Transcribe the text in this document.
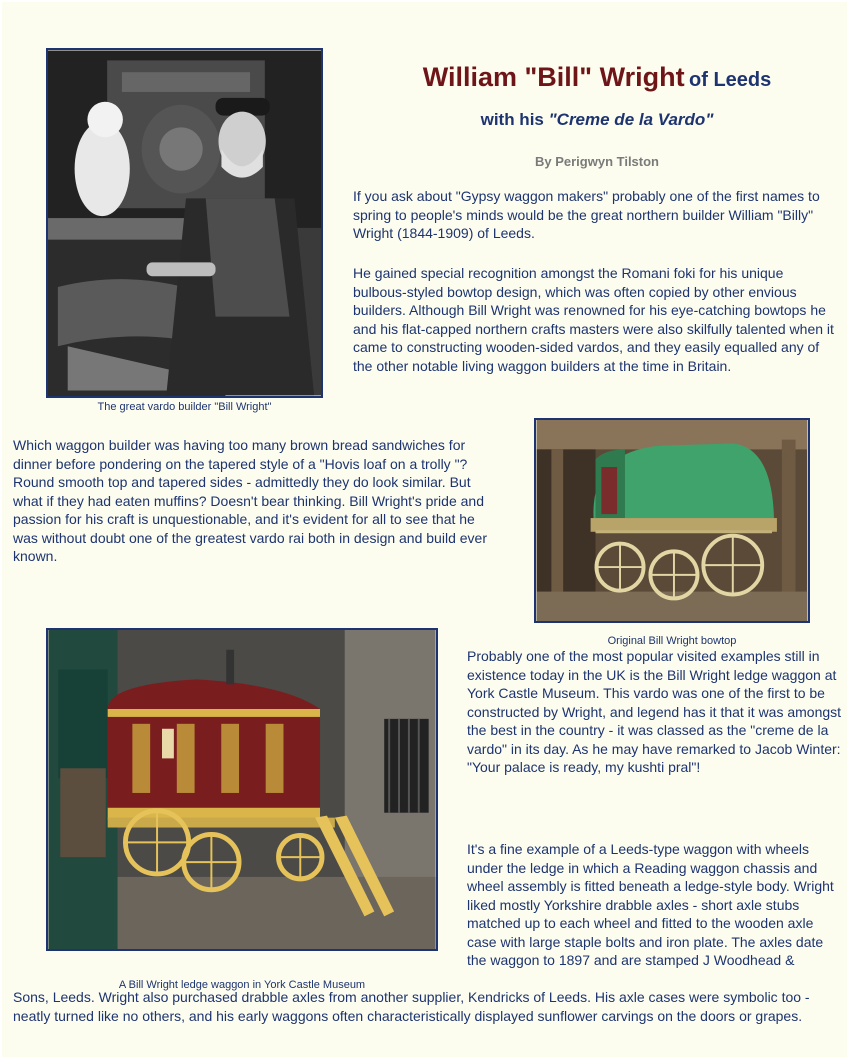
The great vardo builder "Bill Wright"
William "Bill" Wright of Leeds
with his "Creme de la Vardo"
By Perigwyn Tilston

If you ask about "Gypsy waggon makers" probably one of the first names to spring to people's minds would be the great northern builder William "Billy" Wright (1844-1909) of Leeds.

He gained special recognition amongst the Romani foki for his unique bulbous-styled bowtop design, which was often copied by other envious builders. Although Bill Wright was renowned for his eye-catching bowtops he and his flat-capped northern crafts masters were also skilfully talented when it came to constructing wooden-sided vardos, and they easily equalled any of the other notable living waggon builders at the time in Britain.

Which waggon builder was having too many brown bread sandwiches for dinner before pondering on the tapered style of a "Hovis loaf on a trolly "? Round smooth top and tapered sides - admittedly they do look similar. But what if they had eaten muffins? Doesn't bear thinking. Bill Wright's pride and passion for his craft is unquestionable, and it's evident for all to see that he was without doubt one of the greatest vardo rai both in design and build ever known.

Original Bill Wright bowtop
A Bill Wright ledge waggon in York Castle Museum

Probably one of the most popular visited examples still in existence today in the UK is the Bill Wright ledge waggon at York Castle Museum. This vardo was one of the first to be constructed by Wright, and legend has it that it was amongst the best in the country - it was classed as the "creme de la vardo" in its day. As he may have remarked to Jacob Winter: "Your palace is ready, my kushti pral"!

It's a fine example of a Leeds-type waggon with wheels under the ledge in which a Reading waggon chassis and wheel assembly is fitted beneath a ledge-style body. Wright liked mostly Yorkshire drabble axles - short axle stubs matched up to each wheel and fitted to the wooden axle case with large staple bolts and iron plate. The axles date the waggon to 1897 and are stamped J Woodhead &

Sons, Leeds. Wright also purchased drabble axles from another supplier, Kendricks of Leeds. His axle cases were symbolic too - neatly turned like no others, and his early waggons often characteristically displayed sunflower carvings on the doors or grapes.
